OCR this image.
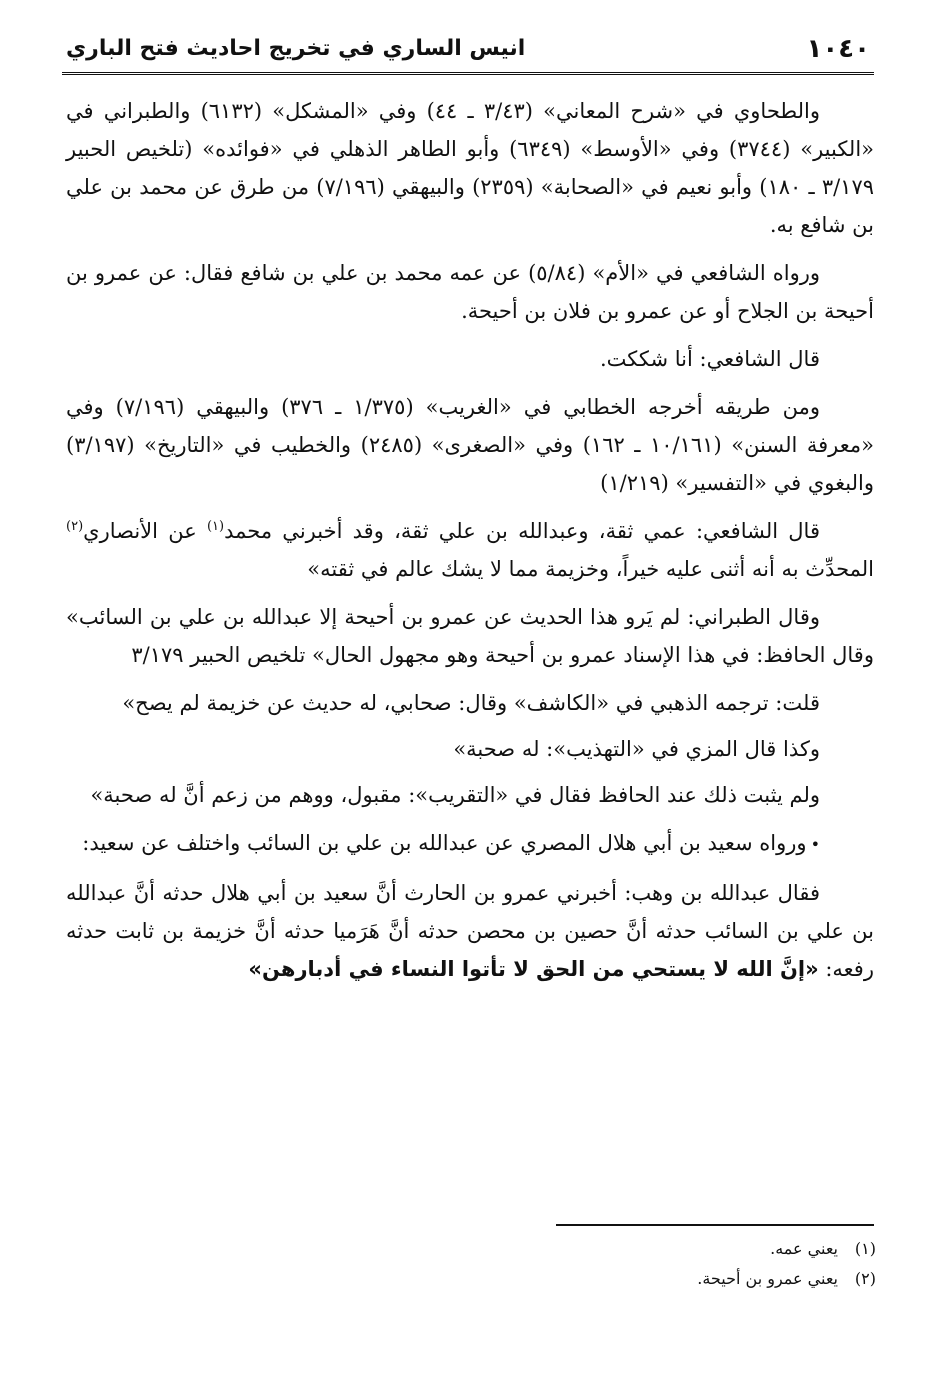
١٠٤٠
انيس الساري في تخريج احاديث فتح الباري

والطحاوي في «شرح المعاني» (٣/٤٣ ـ ٤٤) وفي «المشكل» (٦١٣٢) والطبراني في «الكبير» (٣٧٤٤) وفي «الأوسط» (٦٣٤٩) وأبو الطاهر الذهلي في «فوائده» (تلخيص الحبير ٣/١٧٩ ـ ١٨٠) وأبو نعيم في «الصحابة» (٢٣٥٩) والبيهقي (٧/١٩٦) من طرق عن محمد بن علي بن شافع به.

ورواه الشافعي في «الأم» (٥/٨٤) عن عمه محمد بن علي بن شافع فقال: عن عمرو بن أحيحة بن الجلاح أو عن عمرو بن فلان بن أحيحة.

قال الشافعي: أنا شككت.

ومن طريقه أخرجه الخطابي في «الغريب» (١/٣٧٥ ـ ٣٧٦) والبيهقي (٧/١٩٦) وفي «معرفة السنن» (١٠/١٦١ ـ ١٦٢) وفي «الصغرى» (٢٤٨٥) والخطيب في «التاريخ» (٣/١٩٧) والبغوي في «التفسير» (١/٢١٩)

قال الشافعي: عمي ثقة، وعبدالله بن علي ثقة، وقد أخبرني محمد$^{(١)}$ عن الأنصاري$^{(٢)}$ المحدِّث به أنه أثنى عليه خيراً، وخزيمة مما لا يشك عالم في ثقته»

وقال الطبراني: لم يَرو هذا الحديث عن عمرو بن أحيحة إلا عبدالله بن علي بن السائب» وقال الحافظ: في هذا الإسناد عمرو بن أحيحة وهو مجهول الحال» تلخيص الحبير ٣/١٧٩

قلت: ترجمه الذهبي في «الكاشف» وقال: صحابي، له حديث عن خزيمة لم يصح»

وكذا قال المزي في «التهذيب»: له صحبة»

ولم يثبت ذلك عند الحافظ فقال في «التقريب»: مقبول، ووهم من زعم أنَّ له صحبة»

•ورواه سعيد بن أبي هلال المصري عن عبدالله بن علي بن السائب واختلف عن سعيد:

فقال عبدالله بن وهب: أخبرني عمرو بن الحارث أنَّ سعيد بن أبي هلال حدثه أنَّ عبدالله بن علي بن السائب حدثه أنَّ حصين بن محصن حدثه أنَّ هَرَميا حدثه أنَّ خزيمة بن ثابت حدثه رفعه: «إنَّ الله لا يستحي من الحق لا تأتوا النساء في أدبارهن»

(١)يعني عمه.

(٢)يعني عمرو بن أحيحة.
